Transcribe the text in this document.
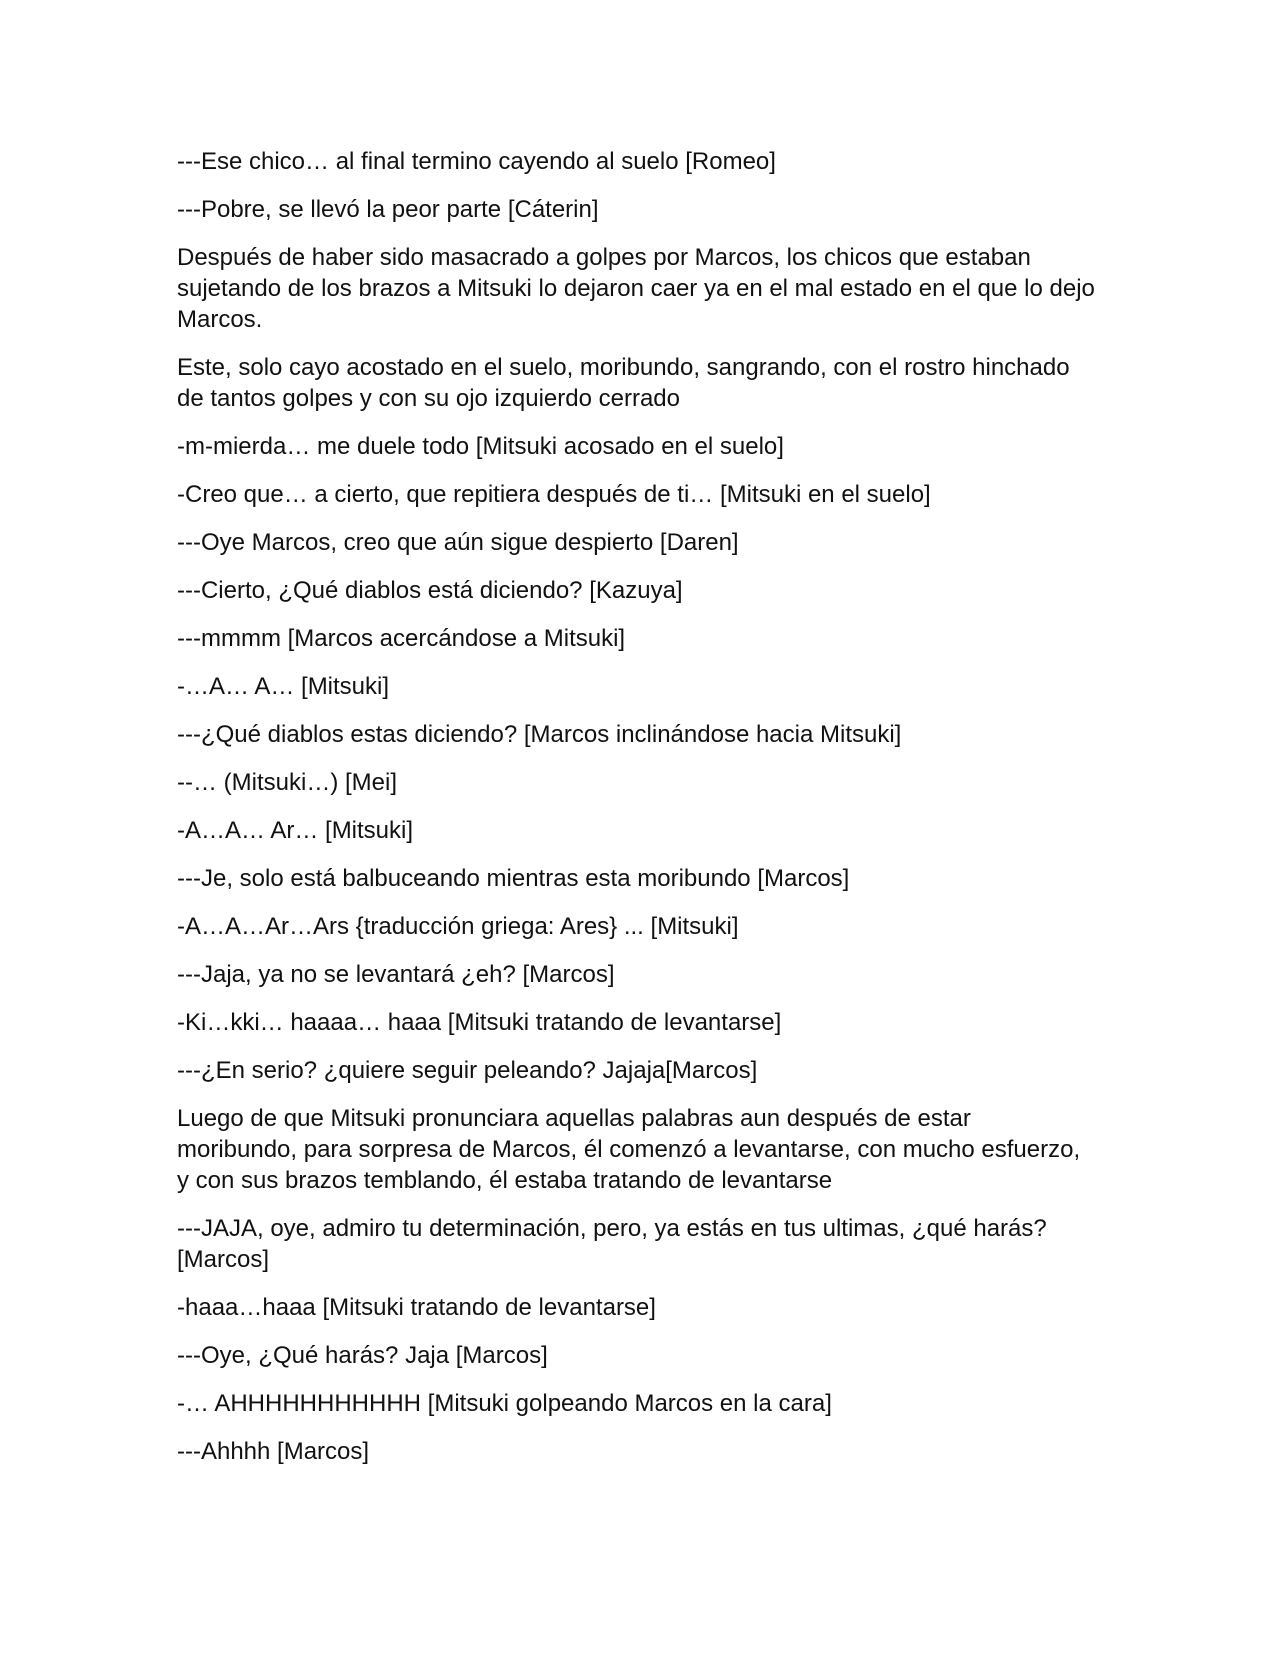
---Ese chico… al final termino cayendo al suelo [Romeo]

---Pobre, se llevó la peor parte [Cáterin]

Después de haber sido masacrado a golpes por Marcos, los chicos que estaban sujetando de los brazos a Mitsuki lo dejaron caer ya en el mal estado en el que lo dejo Marcos.

Este, solo cayo acostado en el suelo, moribundo, sangrando, con el rostro hinchado de tantos golpes y con su ojo izquierdo cerrado

-m-mierda… me duele todo [Mitsuki acosado en el suelo]

-Creo que… a cierto, que repitiera después de ti… [Mitsuki en el suelo]

---Oye Marcos, creo que aún sigue despierto [Daren]

---Cierto, ¿Qué diablos está diciendo? [Kazuya]

---mmmm [Marcos acercándose a Mitsuki]

-…A… A… [Mitsuki]

---¿Qué diablos estas diciendo? [Marcos inclinándose hacia Mitsuki]

--… (Mitsuki…) [Mei]

-A…A… Ar… [Mitsuki]

---Je, solo está balbuceando mientras esta moribundo [Marcos]

-A…A…Ar…Ars {traducción griega: Ares} ... [Mitsuki]

---Jaja, ya no se levantará ¿eh? [Marcos]

-Ki…kki… haaaa… haaa [Mitsuki tratando de levantarse]

---¿En serio? ¿quiere seguir peleando? Jajaja[Marcos]

Luego de que Mitsuki pronunciara aquellas palabras aun después de estar moribundo, para sorpresa de Marcos, él comenzó a levantarse, con mucho esfuerzo, y con sus brazos temblando, él estaba tratando de levantarse

---JAJA, oye, admiro tu determinación, pero, ya estás en tus ultimas, ¿qué harás? [Marcos]

-haaa…haaa [Mitsuki tratando de levantarse]

---Oye, ¿Qué harás? Jaja [Marcos]

-… AHHHHHHHHHHH [Mitsuki golpeando Marcos en la cara]

---Ahhhh [Marcos]
